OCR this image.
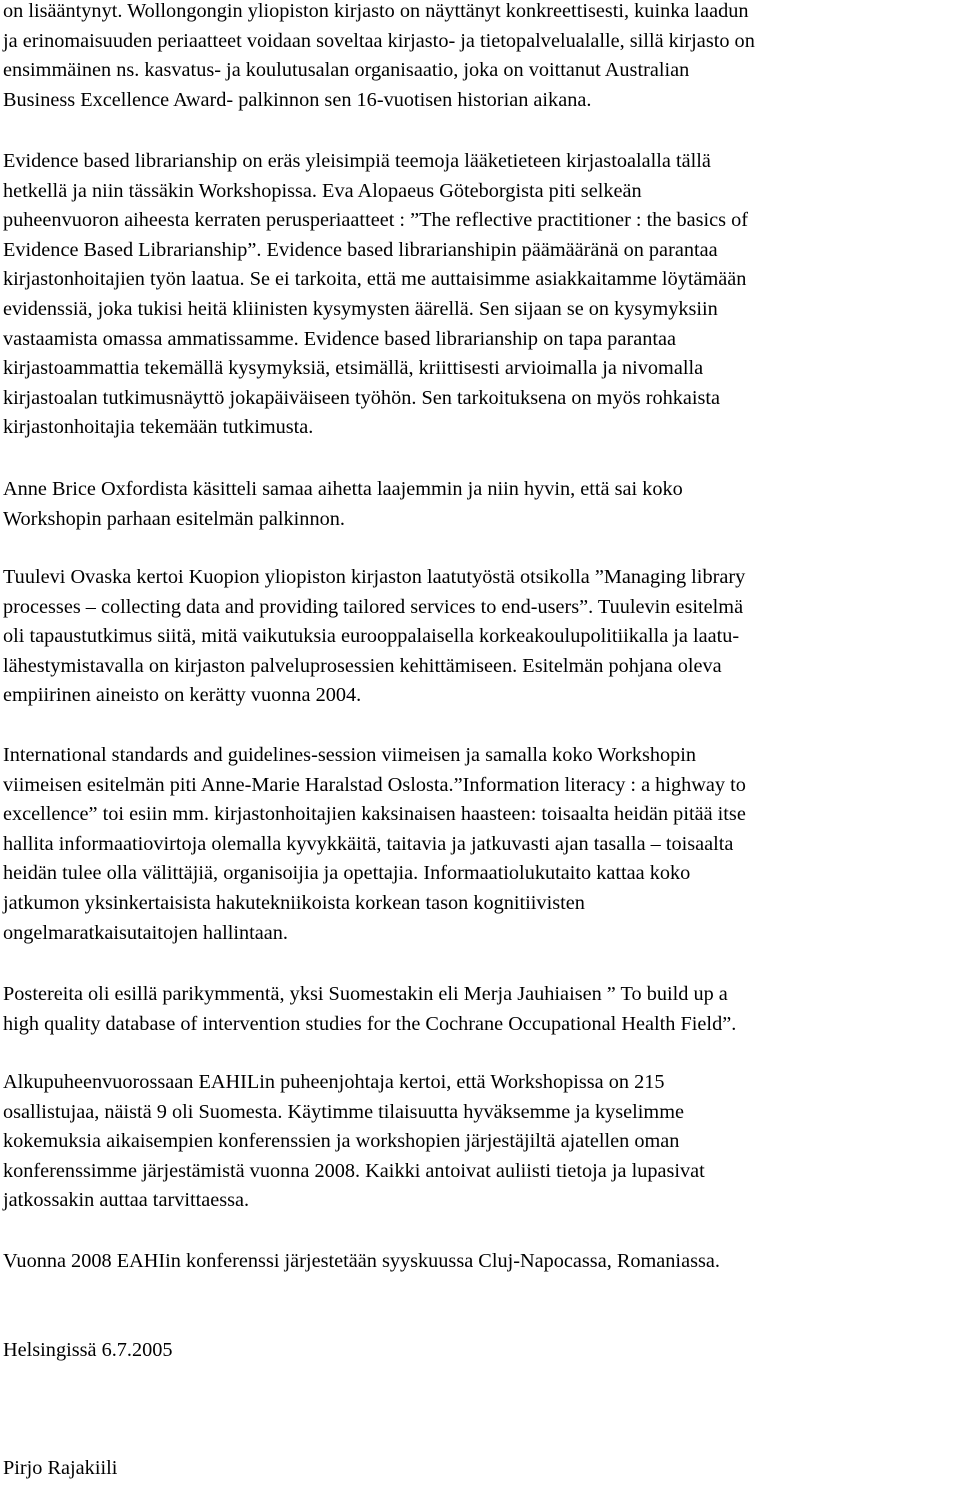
on lisääntynyt. Wollongongin yliopiston kirjasto on näyttänyt konkreettisesti, kuinka laadun
ja erinomaisuuden periaatteet voidaan soveltaa kirjasto- ja tietopalvelualalle, sillä kirjasto on
ensimmäinen ns. kasvatus- ja koulutusalan organisaatio, joka on voittanut Australian
Business Excellence Award- palkinnon sen 16-vuotisen historian aikana.

Evidence based librarianship on eräs yleisimpiä teemoja lääketieteen kirjastoalalla tällä
hetkellä ja niin tässäkin Workshopissa. Eva Alopaeus Göteborgista piti selkeän
puheenvuoron aiheesta kerraten perusperiaatteet : ”The reflective practitioner : the basics of
Evidence Based Librarianship”. Evidence based librarianshipin päämääränä on parantaa
kirjastonhoitajien työn laatua. Se ei tarkoita, että me auttaisimme asiakkaitamme löytämään
evidenssiä, joka tukisi heitä kliinisten kysymysten äärellä. Sen sijaan se on kysymyksiin
vastaamista omassa ammatissamme. Evidence based librarianship on tapa parantaa
kirjastoammattia tekemällä kysymyksiä, etsimällä, kriittisesti arvioimalla ja nivomalla
kirjastoalan tutkimusnäyttö jokapäiväiseen työhön. Sen tarkoituksena on myös rohkaista
kirjastonhoitajia tekemään tutkimusta.

Anne Brice Oxfordista käsitteli samaa aihetta laajemmin ja niin hyvin, että sai koko
Workshopin parhaan esitelmän palkinnon.

Tuulevi Ovaska kertoi Kuopion yliopiston kirjaston laatutyöstä otsikolla ”Managing library
processes – collecting data and providing tailored services to end-users”. Tuulevin esitelmä
oli tapaustutkimus siitä, mitä vaikutuksia eurooppalaisella korkeakoulupolitiikalla ja laatu-
lähestymistavalla on kirjaston palveluprosessien kehittämiseen. Esitelmän pohjana oleva
empiirinen aineisto on kerätty vuonna 2004.

International standards and guidelines-session viimeisen ja samalla koko Workshopin
viimeisen esitelmän piti Anne-Marie Haralstad Oslosta.”Information literacy : a highway to
excellence” toi esiin mm. kirjastonhoitajien kaksinaisen haasteen: toisaalta heidän pitää itse
hallita informaatiovirtoja olemalla kyvykkäitä, taitavia ja jatkuvasti ajan tasalla – toisaalta
heidän tulee olla välittäjiä, organisoijia ja opettajia. Informaatiolukutaito kattaa koko
jatkumon yksinkertaisista hakutekniikoista korkean tason kognitiivisten
ongelmaratkaisutaitojen hallintaan.

Postereita oli esillä parikymmentä, yksi Suomestakin eli Merja Jauhiaisen ” To build up a
high quality database of intervention studies for the Cochrane Occupational Health Field”.

Alkupuheenvuorossaan EAHILin puheenjohtaja kertoi, että Workshopissa on 215
osallistujaa, näistä 9 oli Suomesta. Käytimme tilaisuutta hyväksemme ja kyselimme
kokemuksia aikaisempien konferenssien ja workshopien järjestäjiltä ajatellen oman
konferenssimme järjestämistä vuonna 2008. Kaikki antoivat auliisti tietoja ja lupasivat
jatkossakin auttaa tarvittaessa.

Vuonna 2008 EAHIin konferenssi järjestetään syyskuussa Cluj-Napocassa, Romaniassa.

Helsingissä 6.7.2005

Pirjo Rajakiili
